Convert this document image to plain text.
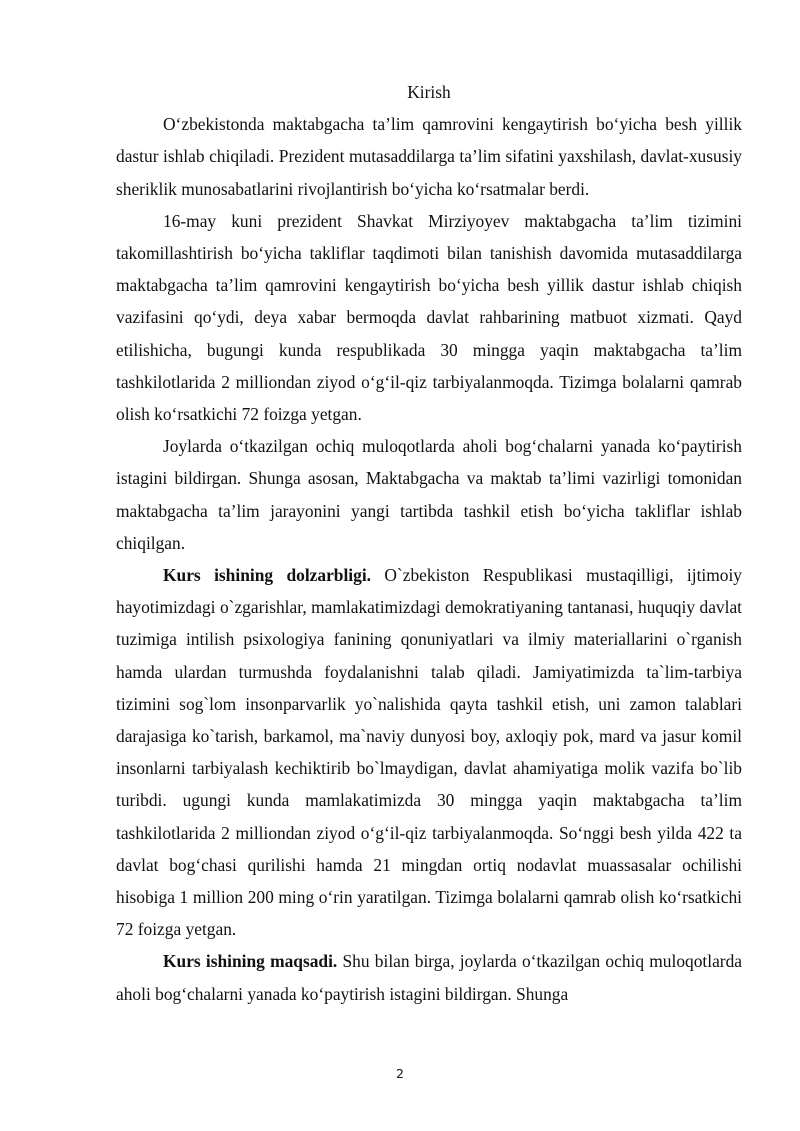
Kirish

O‘zbekistonda maktabgacha ta’lim qamrovini kengaytirish bo‘yicha besh yillik dastur ishlab chiqiladi. Prezident mutasaddilarga ta’lim sifatini yaxshilash, davlat-xususiy sheriklik munosabatlarini rivojlantirish bo‘yicha ko‘rsatmalar berdi.

16-may kuni prezident Shavkat Mirziyoyev maktabgacha ta’lim tizimini takomillashtirish bo‘yicha takliflar taqdimoti bilan tanishish davomida mutasaddilarga maktabgacha ta’lim qamrovini kengaytirish bo‘yicha besh yillik dastur ishlab chiqish vazifasini qo‘ydi, deya xabar bermoqda davlat rahbarining matbuot xizmati. Qayd etilishicha, bugungi kunda respublikada 30 mingga yaqin maktabgacha ta’lim tashkilotlarida 2 milliondan ziyod o‘g‘il-qiz tarbiyalanmoqda. Tizimga bolalarni qamrab olish ko‘rsatkichi 72 foizga yetgan.

Joylarda o‘tkazilgan ochiq muloqotlarda aholi bog‘chalarni yanada ko‘paytirish istagini bildirgan. Shunga asosan, Maktabgacha va maktab ta’limi vazirligi tomonidan maktabgacha ta’lim jarayonini yangi tartibda tashkil etish bo‘yicha takliflar ishlab chiqilgan.

Kurs ishining dolzarbligi. O`zbekiston Respublikasi mustaqilligi, ijtimoiy hayotimizdagi o`zgarishlar, mamlakatimizdagi demokratiyaning tantanasi, huquqiy davlat tuzimiga intilish psixologiya fanining qonuniyatlari va ilmiy materiallarini o`rganish hamda ulardan turmushda foydalanishni talab qiladi. Jamiyatimizda ta`lim-tarbiya tizimini sog`lom insonparvarlik yo`nalishida qayta tashkil etish, uni zamon talablari darajasiga ko`tarish, barkamol, ma`naviy dunyosi boy, axloqiy pok, mard va jasur komil insonlarni tarbiyalash kechiktirib bo`lmaydigan, davlat ahamiyatiga molik vazifa bo`lib turibdi. ugungi kunda mamlakatimizda 30 mingga yaqin maktabgacha ta’lim tashkilotlarida 2 milliondan ziyod o‘g‘il-qiz tarbiyalanmoqda. So‘nggi besh yilda 422 ta davlat bog‘chasi qurilishi hamda 21 mingdan ortiq nodavlat muassasalar ochilishi hisobiga 1 million 200 ming o‘rin yaratilgan. Tizimga bolalarni qamrab olish ko‘rsatkichi 72 foizga yetgan.

Kurs ishining maqsadi. Shu bilan birga, joylarda o‘tkazilgan ochiq muloqotlarda aholi bog‘chalarni yanada ko‘paytirish istagini bildirgan. Shunga

2
